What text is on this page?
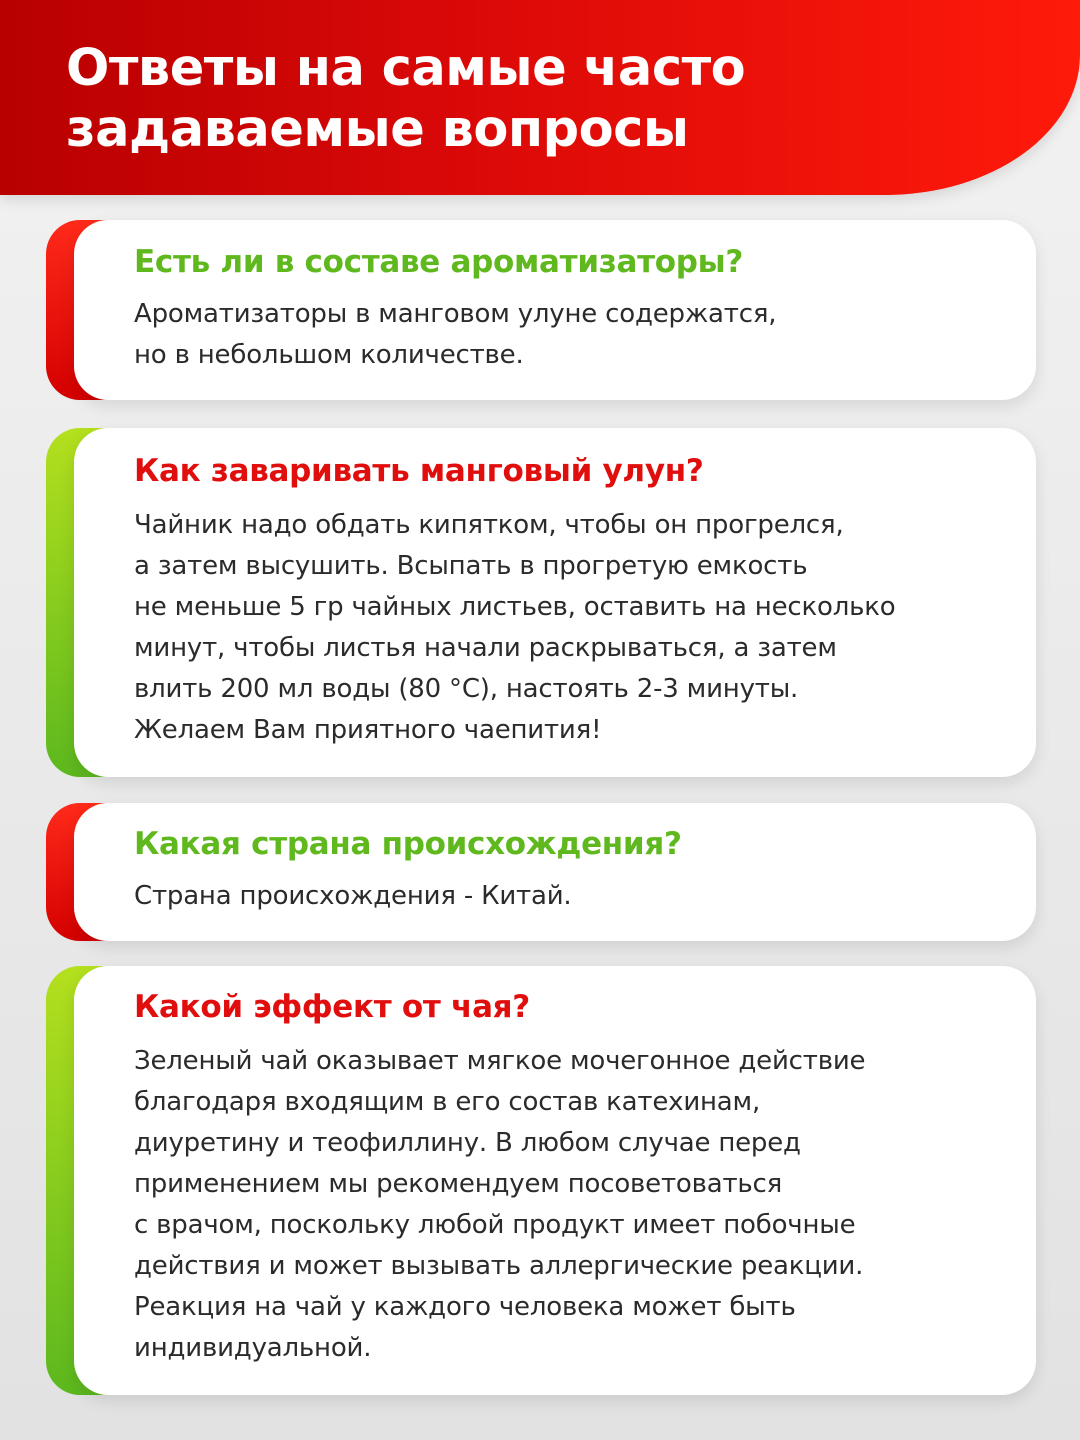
Ответы на самые часто
задаваемые вопросы
Есть ли в составе ароматизаторы?

Ароматизаторы в манговом улуне содержатся,
но в небольшом количестве.

Как заваривать манговый улун?

Чайник надо обдать кипятком, чтобы он прогрелся,
а затем высушить. Всыпать в прогретую емкость
не меньше 5 гр чайных листьев, оставить на несколько
минут, чтобы листья начали раскрываться, а затем
влить 200 мл воды (80 °С), настоять 2-3 минуты.
Желаем Вам приятного чаепития!

Какая страна происхождения?

Страна происхождения - Китай.

Какой эффект от чая?

Зеленый чай оказывает мягкое мочегонное действие
благодаря входящим в его состав катехинам,
диуретину и теофиллину. В любом случае перед
применением мы рекомендуем посоветоваться
с врачом, поскольку любой продукт имеет побочные
действия и может вызывать аллергические реакции.
Реакция на чай у каждого человека может быть
индивидуальной.
